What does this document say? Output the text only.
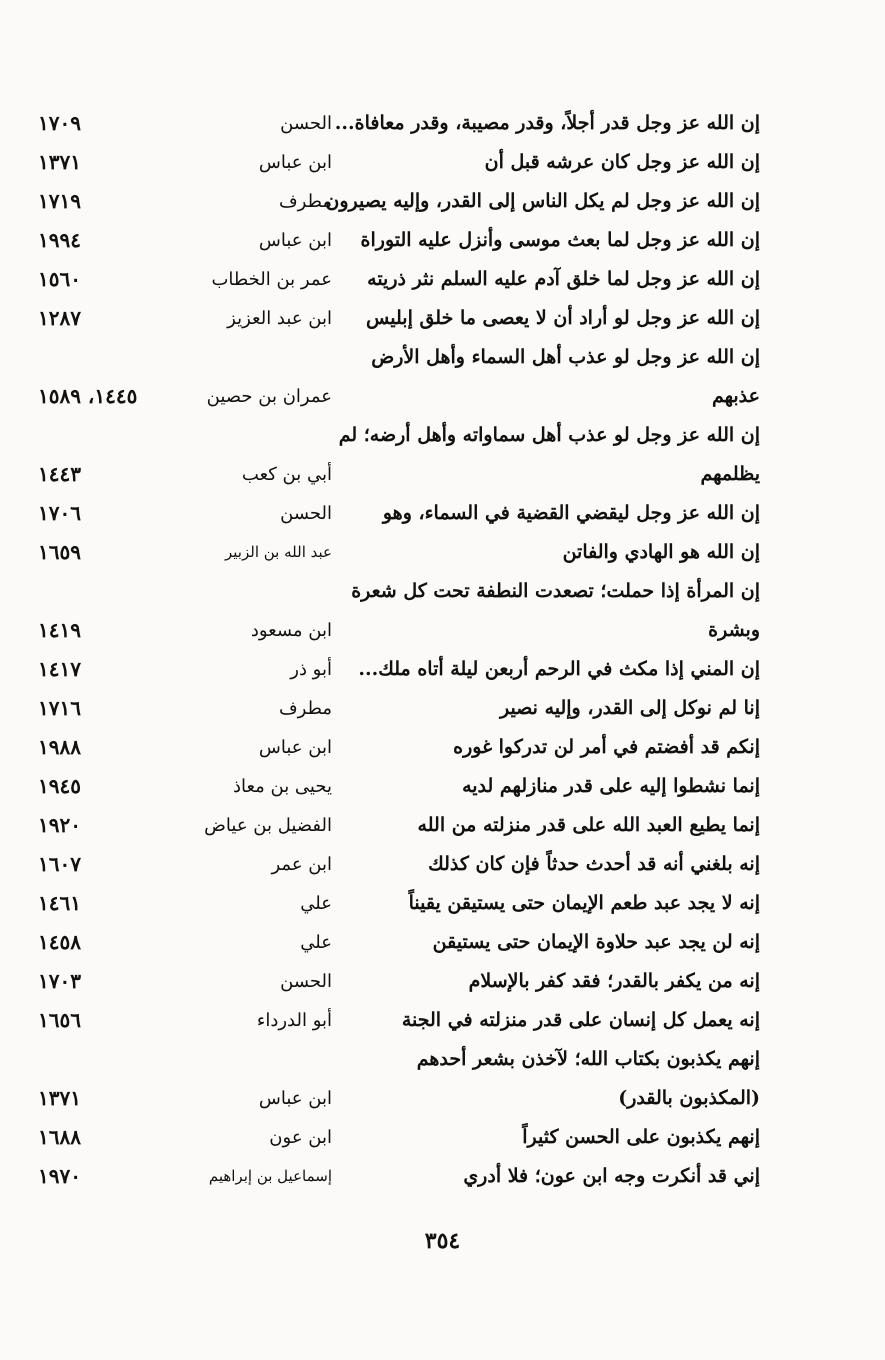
إن الله عز وجل قدر أجلاً، وقدر مصيبة، وقدر معافاة...
الحسن
١٧٠٩
إن الله عز وجل كان عرشه قبل أن
ابن عباس
١٣٧١
إن الله عز وجل لم يكل الناس إلى القدر، وإليه يصيرون
مطرف
١٧١٩
إن الله عز وجل لما بعث موسى وأنزل عليه التوراة
ابن عباس
١٩٩٤
إن الله عز وجل لما خلق آدم عليه السلم نثر ذريته
عمر بن الخطاب
١٥٦٠
إن الله عز وجل لو أراد أن لا يعصى ما خلق إبليس
ابن عبد العزيز
١٢٨٧
إن الله عز وجل لو عذب أهل السماء وأهل الأرض
عذبهم
عمران بن حصين
١٤٤٥، ١٥٨٩
إن الله عز وجل لو عذب أهل سماواته وأهل أرضه؛ لم
يظلمهم
أبي بن كعب
١٤٤٣
إن الله عز وجل ليقضي القضية في السماء، وهو
الحسن
١٧٠٦
إن الله هو الهادي والفاتن
عبد الله بن الزبير
١٦٥٩
إن المرأة إذا حملت؛ تصعدت النطفة تحت كل شعرة
وبشرة
ابن مسعود
١٤١٩
إن المني إذا مكث في الرحم أربعن ليلة أتاه ملك...
أبو ذر
١٤١٧
إنا لم نوكل إلى القدر، وإليه نصير
مطرف
١٧١٦
إنكم قد أفضتم في أمر لن تدركوا غوره
ابن عباس
١٩٨٨
إنما نشطوا إليه على قدر منازلهم لديه
يحيى بن معاذ
١٩٤٥
إنما يطيع العبد الله على قدر منزلته من الله
الفضيل بن عياض
١٩٢٠
إنه بلغني أنه قد أحدث حدثاً فإن كان كذلك
ابن عمر
١٦٠٧
إنه لا يجد عبد طعم الإيمان حتى يستيقن يقيناً
علي
١٤٦١
إنه لن يجد عبد حلاوة الإيمان حتى يستيقن
علي
١٤٥٨
إنه من يكفر بالقدر؛ فقد كفر بالإسلام
الحسن
١٧٠٣
إنه يعمل كل إنسان على قدر منزلته في الجنة
أبو الدرداء
١٦٥٦
إنهم يكذبون بكتاب الله؛ لآخذن بشعر أحدهم
(المكذبون بالقدر)
ابن عباس
١٣٧١
إنهم يكذبون على الحسن كثيراً
ابن عون
١٦٨٨
إني قد أنكرت وجه ابن عون؛ فلا أدري
إسماعيل بن إبراهيم
١٩٧٠
٣٥٤
